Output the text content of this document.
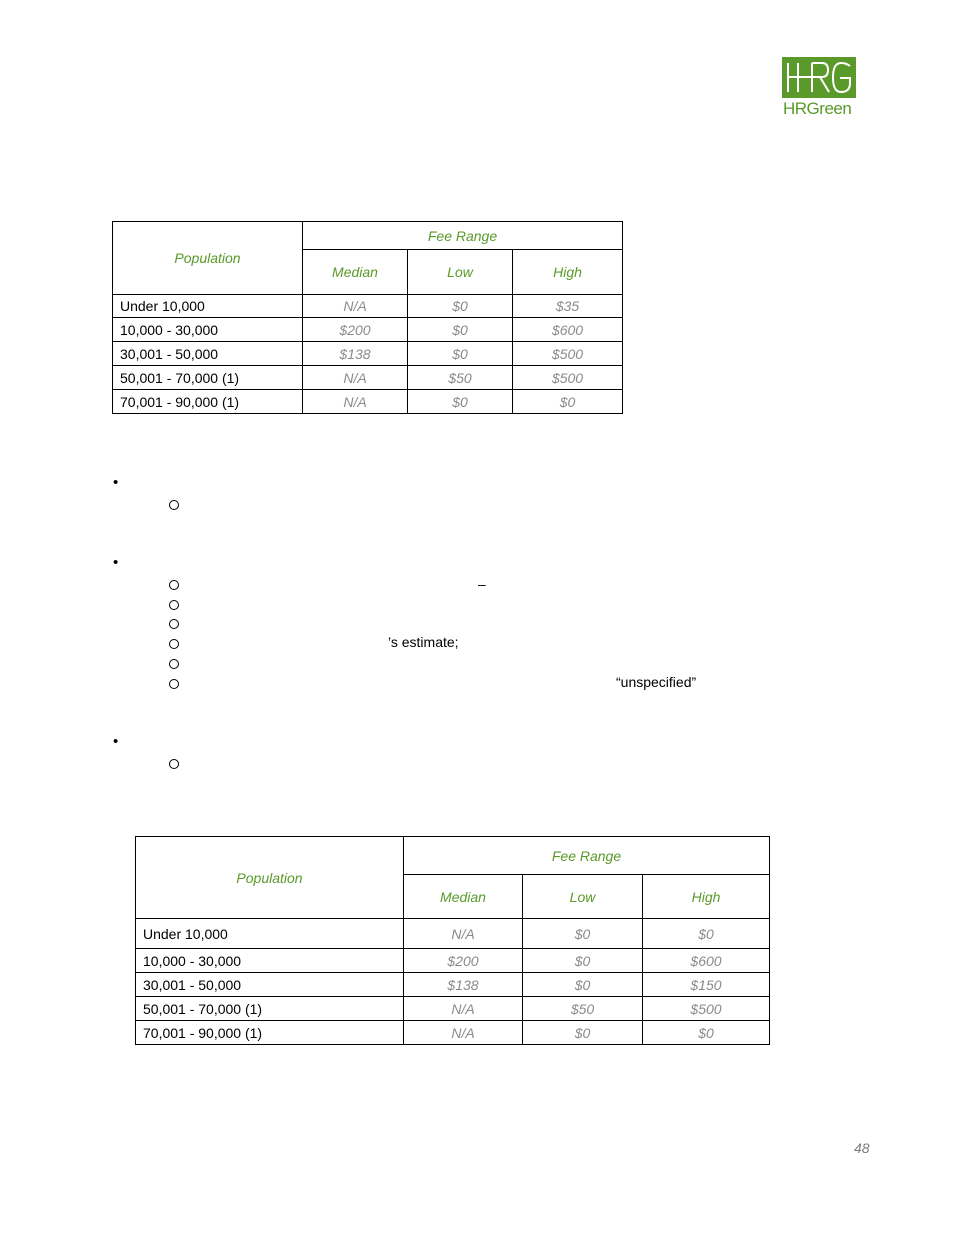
HRGreen
Population	Fee Range		
	Median	Low	High
Under 10,000	N/A	$0	$35
10,000 - 30,000	$200	$0	$600
30,001 - 50,000	$138	$0	$500
50,001 - 70,000 (1)	N/A	$50	$500
70,001 - 90,000 (1)	N/A	$0	$0
•
•
–
’s estimate;
“unspecified”
•
Population	Fee Range		
	Median	Low	High
Under 10,000	N/A	$0	$0
10,000 - 30,000	$200	$0	$600
30,001 - 50,000	$138	$0	$150
50,001 - 70,000 (1)	N/A	$50	$500
70,001 - 90,000 (1)	N/A	$0	$0
48
